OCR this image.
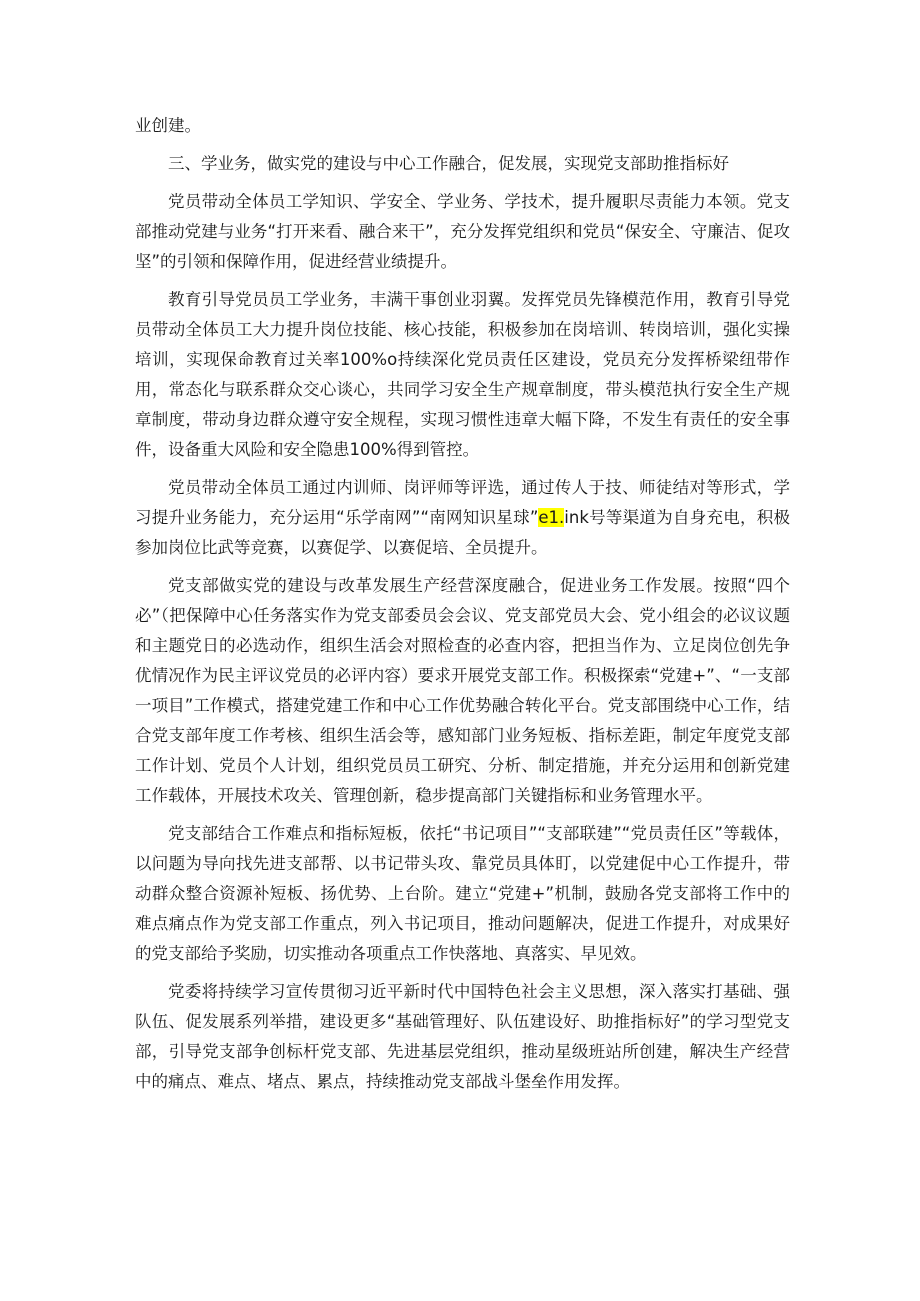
业创建。

三、学业务，做实党的建设与中心工作融合，促发展，实现党支部助推指标好

党员带动全体员工学知识、学安全、学业务、学技术，提升履职尽责能力本领。党支部推动党建与业务“打开来看、融合来干”，充分发挥党组织和党员“保安全、守廉洁、促攻坚”的引领和保障作用，促进经营业绩提升。

教育引导党员员工学业务，丰满干事创业羽翼。发挥党员先锋模范作用，教育引导党员带动全体员工大力提升岗位技能、核心技能，积极参加在岗培训、转岗培训，强化实操培训，实现保命教育过关率100%o持续深化党员责任区建设，党员充分发挥桥梁纽带作用，常态化与联系群众交心谈心，共同学习安全生产规章制度，带头模范执行安全生产规章制度，带动身边群众遵守安全规程，实现习惯性违章大幅下降，不发生有责任的安全事件，设备重大风险和安全隐患100%得到管控。

党员带动全体员工通过内训师、岗评师等评选，通过传人于技、师徒结对等形式，学习提升业务能力，充分运用“乐学南网”“南网知识星球”e1.ink号等渠道为自身充电，积极参加岗位比武等竞赛，以赛促学、以赛促培、全员提升。

党支部做实党的建设与改革发展生产经营深度融合，促进业务工作发展。按照“四个必”（把保障中心任务落实作为党支部委员会会议、党支部党员大会、党小组会的必议议题和主题党日的必选动作，组织生活会对照检查的必查内容，把担当作为、立足岗位创先争优情况作为民主评议党员的必评内容）要求开展党支部工作。积极探索“党建+”、“一支部一项目”工作模式，搭建党建工作和中心工作优势融合转化平台。党支部围绕中心工作，结合党支部年度工作考核、组织生活会等，感知部门业务短板、指标差距，制定年度党支部工作计划、党员个人计划，组织党员员工研究、分析、制定措施，并充分运用和创新党建工作载体，开展技术攻关、管理创新，稳步提高部门关键指标和业务管理水平。

党支部结合工作难点和指标短板，依托“书记项目”“支部联建”“党员责任区”等载体，以问题为导向找先进支部帮、以书记带头攻、靠党员具体盯，以党建促中心工作提升，带动群众整合资源补短板、扬优势、上台阶。建立“党建+”机制，鼓励各党支部将工作中的难点痛点作为党支部工作重点，列入书记项目，推动问题解决，促进工作提升，对成果好的党支部给予奖励，切实推动各项重点工作快落地、真落实、早见效。

党委将持续学习宣传贯彻习近平新时代中国特色社会主义思想，深入落实打基础、强队伍、促发展系列举措，建设更多“基础管理好、队伍建设好、助推指标好”的学习型党支部，引导党支部争创标杆党支部、先进基层党组织，推动星级班站所创建，解决生产经营中的痛点、难点、堵点、累点，持续推动党支部战斗堡垒作用发挥。
